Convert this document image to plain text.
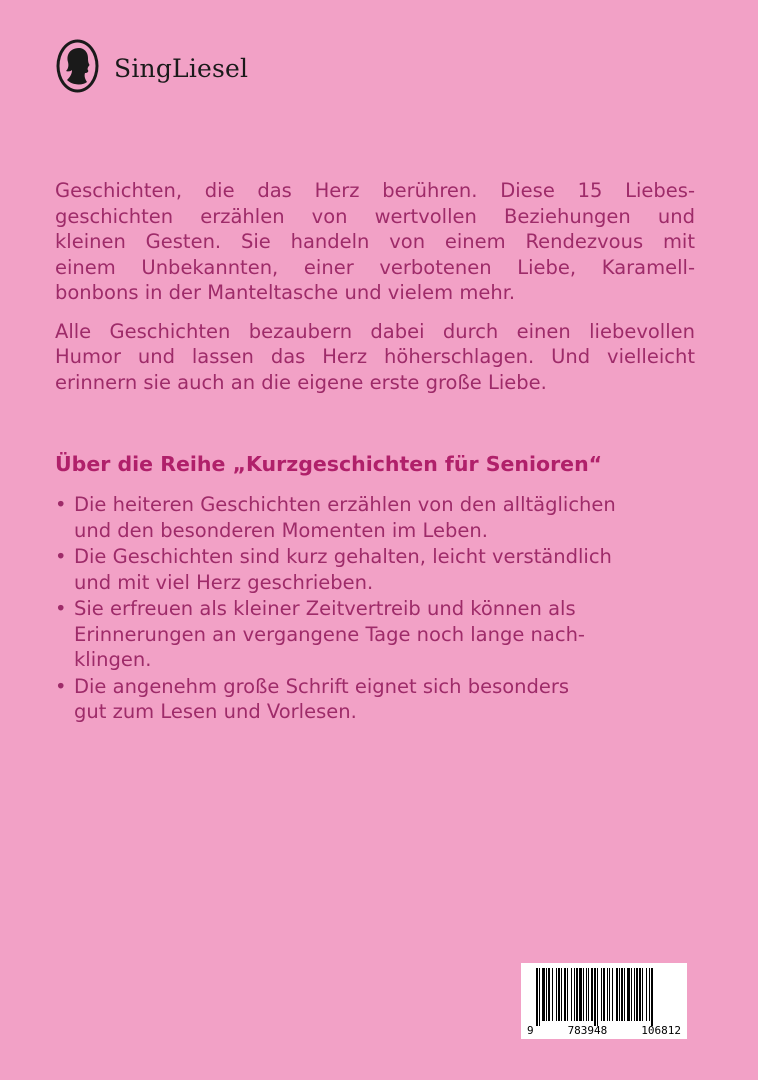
SingLiesel

Geschichten, die das Herz berühren. Diese 15 Liebes-
geschichten erzählen von wertvollen Beziehungen und
kleinen Gesten. Sie handeln von einem Rendezvous mit
einem Unbekannten, einer verbotenen Liebe, Karamell-
bonbons in der Manteltasche und vielem mehr.

Alle Geschichten bezaubern dabei durch einen liebevollen
Humor und lassen das Herz höherschlagen. Und vielleicht
erinnern sie auch an die eigene erste große Liebe.

Über die Reihe „Kurzgeschichten für Senioren“
• Die heiteren Geschichten erzählen von den alltäglichen
und den besonderen Momenten im Leben.
• Die Geschichten sind kurz gehalten, leicht verständlich
und mit viel Herz geschrieben.
• Sie erfreuen als kleiner Zeitvertreib und können als
Erinnerungen an vergangene Tage noch lange nach-
klingen.
• Die angenehm große Schrift eignet sich besonders
gut zum Lesen und Vorlesen.
9	783948	106812
